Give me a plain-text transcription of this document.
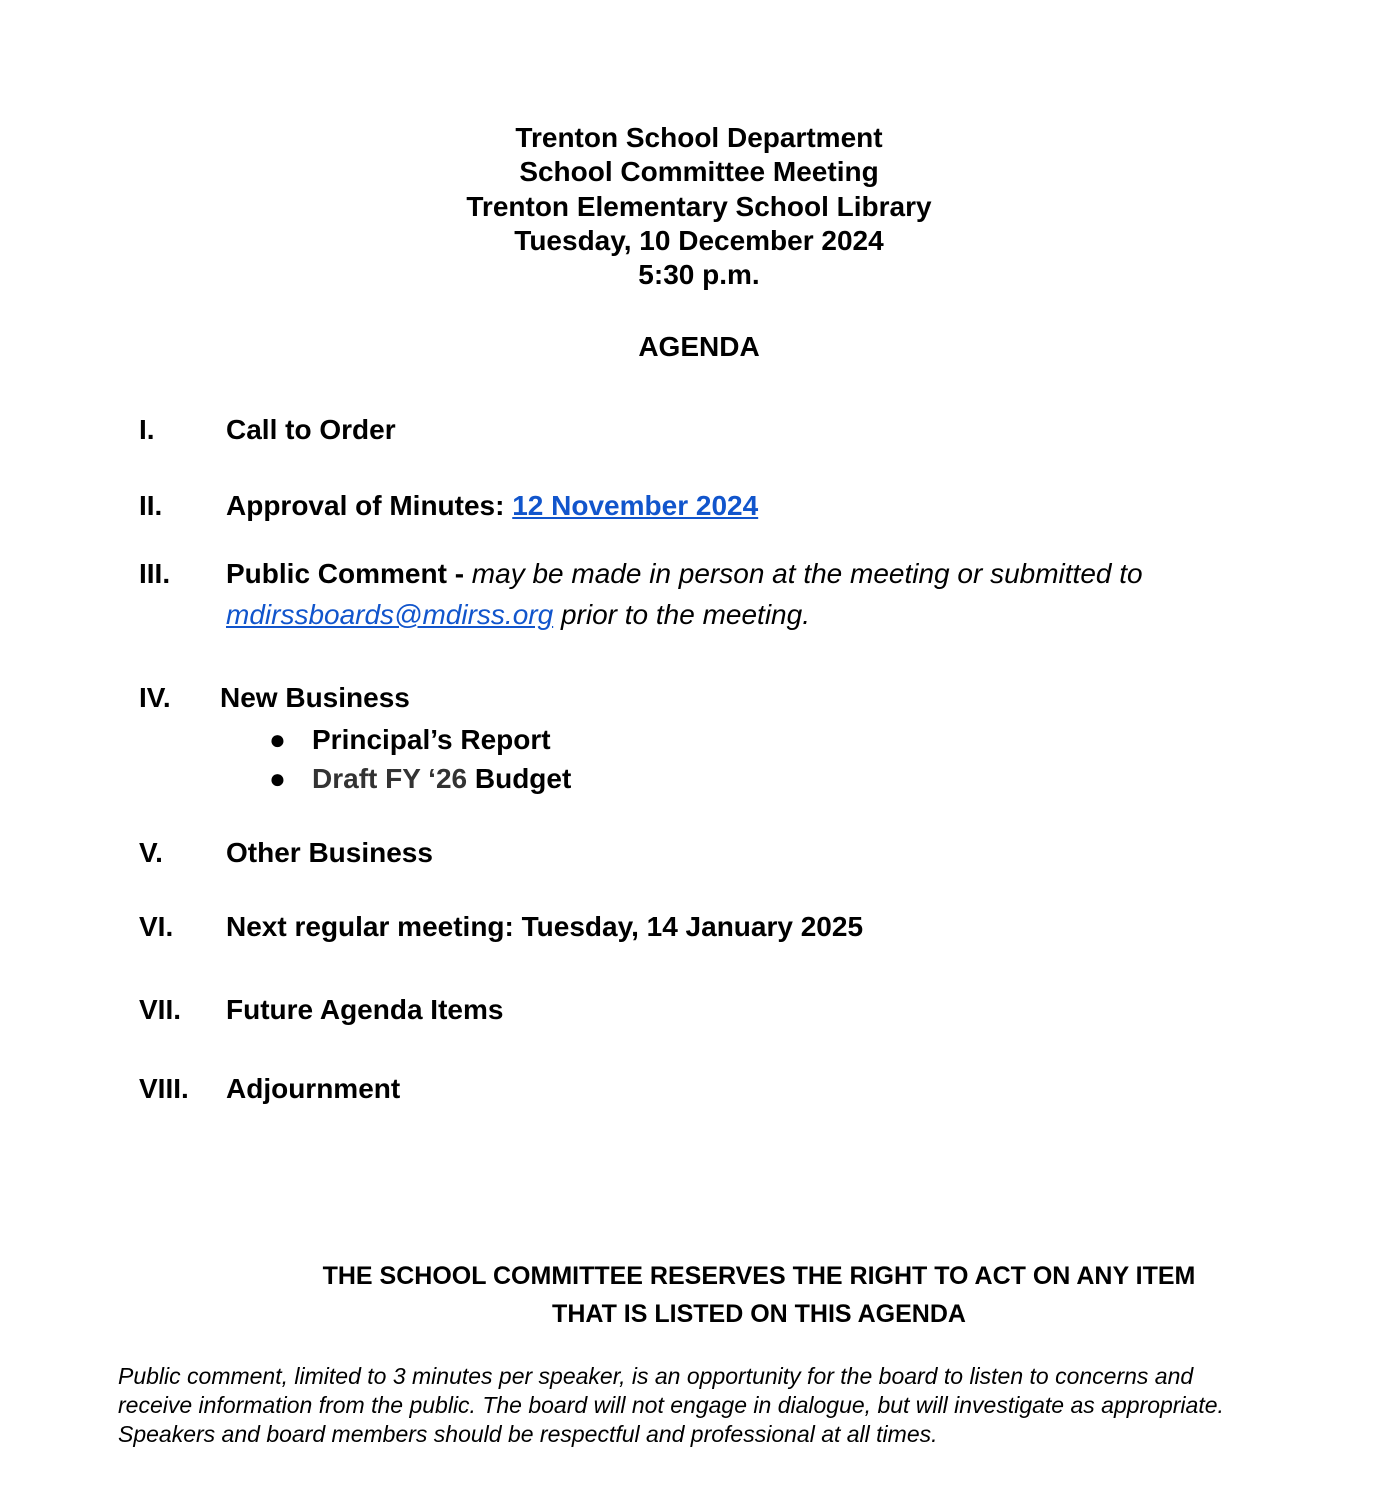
Trenton School Department
School Committee Meeting
Trenton Elementary School Library
Tuesday, 10 December 2024
5:30 p.m.
AGENDA
I.	Call to Order
II. Approval of Minutes: 12 November 2024
III. Public Comment - may be made in person at the meeting or submitted to
mdirssboards@mdirss.org prior to the meeting.
IV. New Business
● Principal’s Report
● Draft FY ‘26 Budget
V. Other Business
VI. Next regular meeting: Tuesday, 14 January 2025
VII. Future Agenda Items
VIII. Adjournment
THE SCHOOL COMMITTEE RESERVES THE RIGHT TO ACT ON ANY ITEM
THAT IS LISTED ON THIS AGENDA
Public comment, limited to 3 minutes per speaker, is an opportunity for the board to listen to concerns and
receive information from the public. The board will not engage in dialogue, but will investigate as appropriate.
Speakers and board members should be respectful and professional at all times.
